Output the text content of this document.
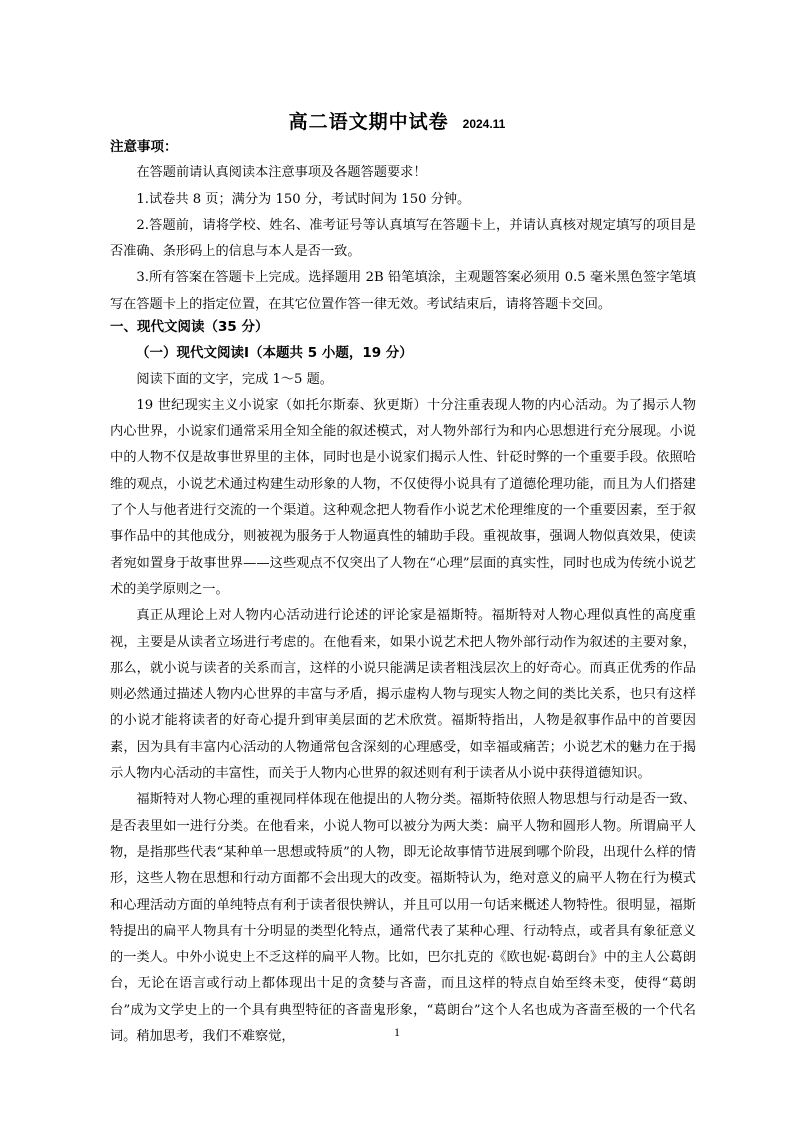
高二语文期中试卷 2024.11
注意事项：

在答题前请认真阅读本注意事项及各题答题要求！

1.试卷共 8 页；满分为 150 分，考试时间为 150 分钟。

2.答题前，请将学校、姓名、准考证号等认真填写在答题卡上，并请认真核对规定填写的项目是否准确、条形码上的信息与本人是否一致。

3.所有答案在答题卡上完成。选择题用 2B 铅笔填涂，主观题答案必须用 0.5 毫米黑色签字笔填写在答题卡上的指定位置，在其它位置作答一律无效。考试结束后，请将答题卡交回。

一、现代文阅读（35 分）
（一）现代文阅读Ⅰ（本题共 5 小题，19 分）

阅读下面的文字，完成 1～5 题。

19 世纪现实主义小说家（如托尔斯泰、狄更斯）十分注重表现人物的内心活动。为了揭示人物内心世界，小说家们通常采用全知全能的叙述模式，对人物外部行为和内心思想进行充分展现。小说中的人物不仅是故事世界里的主体，同时也是小说家们揭示人性、针砭时弊的一个重要手段。依照哈维的观点，小说艺术通过构建生动形象的人物，不仅使得小说具有了道德伦理功能，而且为人们搭建了个人与他者进行交流的一个渠道。这种观念把人物看作小说艺术伦理维度的一个重要因素，至于叙事作品中的其他成分，则被视为服务于人物逼真性的辅助手段。重视故事，强调人物似真效果，使读者宛如置身于故事世界——这些观点不仅突出了人物在“心理”层面的真实性，同时也成为传统小说艺术的美学原则之一。

真正从理论上对人物内心活动进行论述的评论家是福斯特。福斯特对人物心理似真性的高度重视，主要是从读者立场进行考虑的。在他看来，如果小说艺术把人物外部行动作为叙述的主要对象，那么，就小说与读者的关系而言，这样的小说只能满足读者粗浅层次上的好奇心。而真正优秀的作品则必然通过描述人物内心世界的丰富与矛盾，揭示虚构人物与现实人物之间的类比关系，也只有这样的小说才能将读者的好奇心提升到审美层面的艺术欣赏。福斯特指出，人物是叙事作品中的首要因素，因为具有丰富内心活动的人物通常包含深刻的心理感受，如幸福或痛苦；小说艺术的魅力在于揭示人物内心活动的丰富性，而关于人物内心世界的叙述则有利于读者从小说中获得道德知识。

福斯特对人物心理的重视同样体现在他提出的人物分类。福斯特依照人物思想与行动是否一致、是否表里如一进行分类。在他看来，小说人物可以被分为两大类：扁平人物和圆形人物。所谓扁平人物，是指那些代表“某种单一思想或特质”的人物，即无论故事情节进展到哪个阶段，出现什么样的情形，这些人物在思想和行动方面都不会出现大的改变。福斯特认为，绝对意义的扁平人物在行为模式和心理活动方面的单纯特点有利于读者很快辨认，并且可以用一句话来概述人物特性。很明显，福斯特提出的扁平人物具有十分明显的类型化特点，通常代表了某种心理、行动特点，或者具有象征意义的一类人。中外小说史上不乏这样的扁平人物。比如，巴尔扎克的《欧也妮·葛朗台》中的主人公葛朗台，无论在语言或行动上都体现出十足的贪婪与吝啬，而且这样的特点自始至终未变，使得“葛朗台”成为文学史上的一个具有典型特征的吝啬鬼形象，“葛朗台”这个人名也成为吝啬至极的一个代名词。稍加思考，我们不难察觉，	1
